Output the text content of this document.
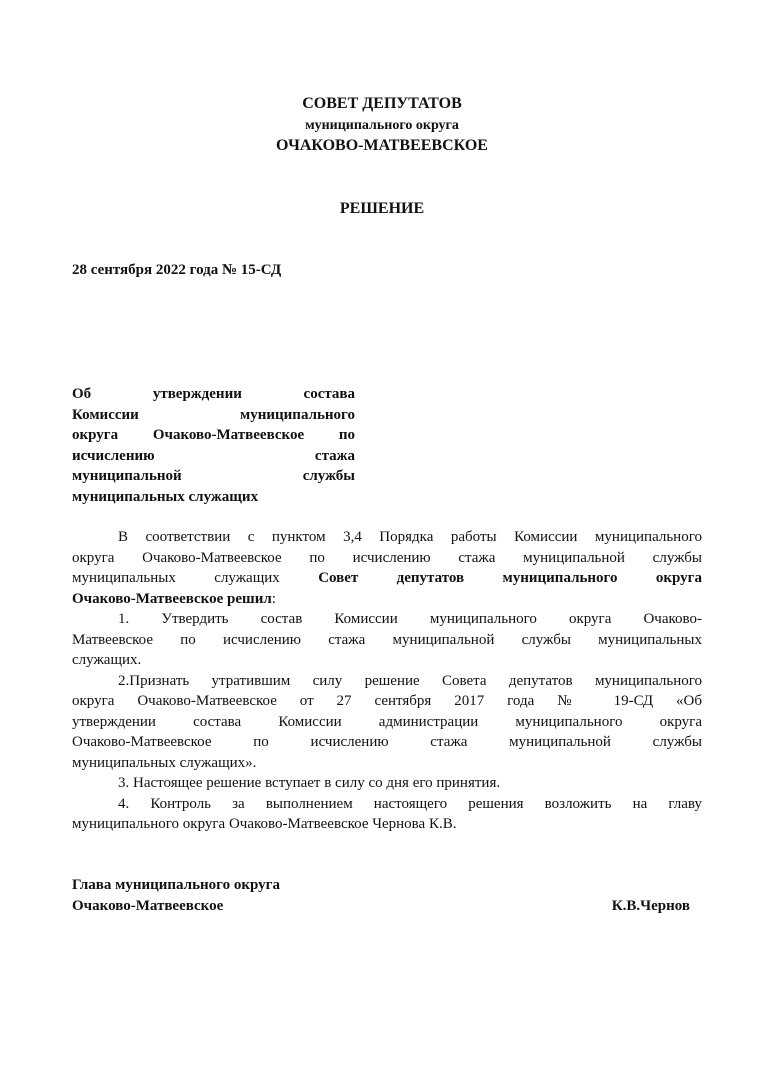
СОВЕТ ДЕПУТАТОВ
муниципального округа
ОЧАКОВО-МАТВЕЕВСКОЕ
РЕШЕНИЕ
28 сентября 2022 года № 15-СД
Об утверждении состава
Комиссии муниципального
округа Очаково-Матвеевское по
исчислению стажа
муниципальной службы
муниципальных служащих
В соответствии с пунктом 3,4 Порядка работы Комиссии муниципального
округа Очаково-Матвеевское по исчислению стажа муниципальной службы
муниципальных служащих Совет депутатов муниципального округа
Очаково-Матвеевское решил:
1. Утвердить состав Комиссии муниципального округа Очаково-
Матвеевское по исчислению стажа муниципальной службы муниципальных
служащих.
2.Признать утратившим силу решение Совета депутатов муниципального
округа Очаково-Матвеевское от 27 сентября 2017 года № 19-СД «Об
утверждении состава Комиссии администрации муниципального округа
Очаково-Матвеевское по исчислению стажа муниципальной службы
муниципальных служащих».
3. Настоящее решение вступает в силу со дня его принятия.
4. Контроль за выполнением настоящего решения возложить на главу
муниципального округа Очаково-Матвеевское Чернова К.В.
Глава муниципального округа
Очаково-Матвеевское	К.В.Чернов
